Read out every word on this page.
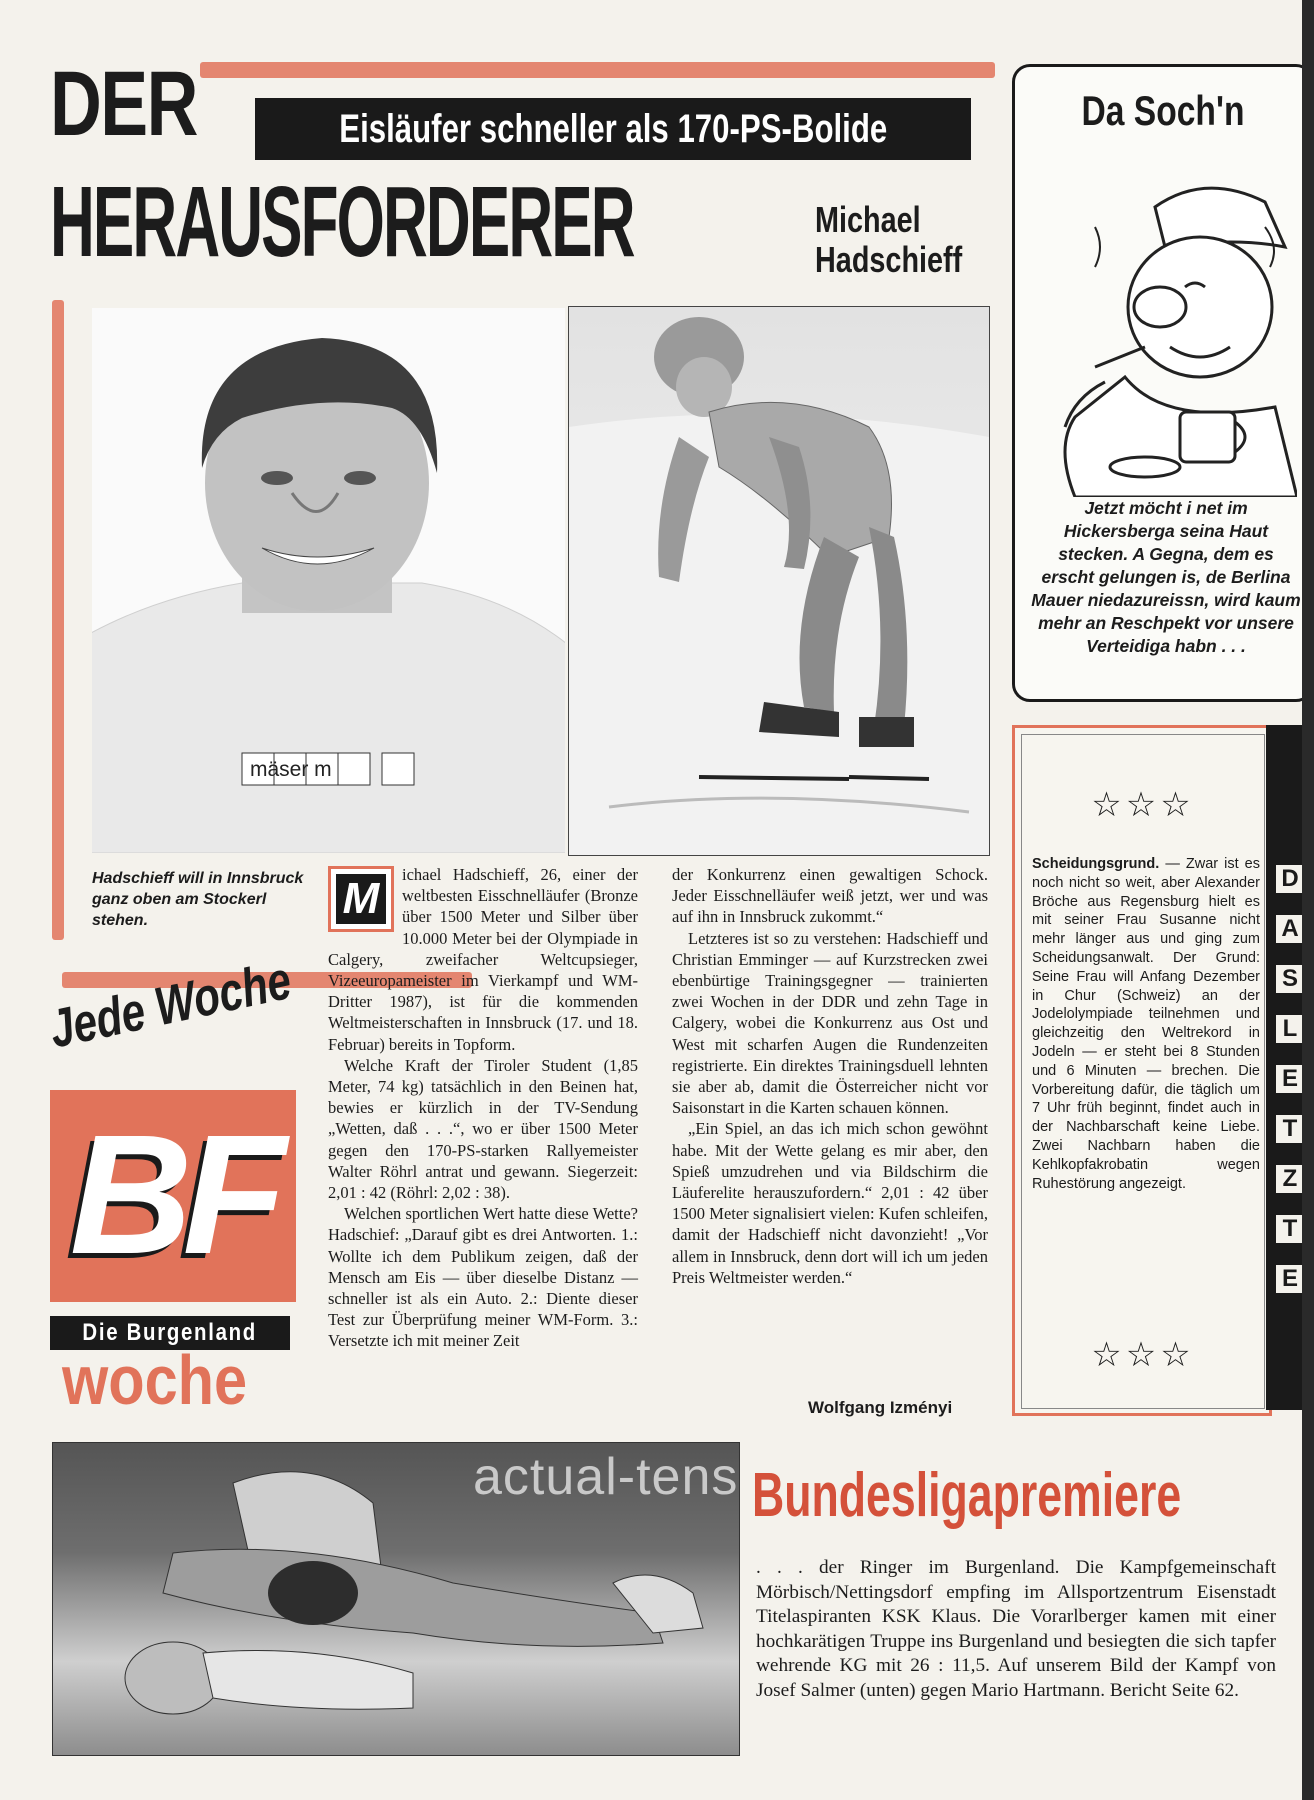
DER	Eisläufer schneller als 170-PS-Bolide
HERAUSFORDERER	Michael
Hadschieff
mäser m
Hadschieff will in Innsbruck ganz oben am Stockerl stehen.	M	ichael Hadschieff, 26, einer der weltbesten Eisschnelläufer (Bronze über 1500 Meter und Silber über 10.000 Meter bei der Olympiade in Calgery, zweifacher Weltcupsieger, Vizeeuropameister im Vierkampf und WM-Dritter 1987), ist für die kommenden Weltmeisterschaften in Innsbruck (17. und 18. Februar) bereits in Topform.

Welche Kraft der Tiroler Student (1,85 Meter, 74 kg) tatsächlich in den Beinen hat, bewies er kürzlich in der TV-Sendung „Wetten, daß . . .“, wo er über 1500 Meter gegen den 170-PS-starken Rallyemeister Walter Röhrl antrat und gewann. Siegerzeit: 2,01 : 42 (Röhrl: 2,02 : 38).

Welchen sportlichen Wert hatte diese Wette? Hadschief: „Darauf gibt es drei Antworten. 1.: Wollte ich dem Publikum zeigen, daß der Mensch am Eis — über dieselbe Distanz — schneller ist als ein Auto. 2.: Diente dieser Test zur Überprüfung meiner WM-Form. 3.: Versetzte ich mit meiner Zeit

der Konkurrenz einen gewaltigen Schock. Jeder Eisschnelläufer weiß jetzt, wer und was auf ihn in Innsbruck zukommt.“

Letzteres ist so zu verstehen: Hadschieff und Christian Emminger — auf Kurzstrecken zwei ebenbürtige Trainingsgegner — trainierten zwei Wochen in der DDR und zehn Tage in Calgery, wobei die Konkurrenz aus Ost und West mit scharfen Augen die Rundenzeiten registrierte. Ein direktes Trainingsduell lehnten sie aber ab, damit die Österreicher nicht vor Saisonstart in die Karten schauen können.

„Ein Spiel, an das ich mich schon gewöhnt habe. Mit der Wette gelang es mir aber, den Spieß umzudrehen und via Bildschirm die Läuferelite herauszufordern.“ 2,01 : 42 über 1500 Meter signalisiert vielen: Kufen schleifen, damit der Hadschieff nicht davonzieht! „Vor allem in Innsbruck, denn dort will ich um jeden Preis Weltmeister werden.“

Wolfgang Izményi
Da Soch'n
Jetzt möcht i net im Hickersberga seina Haut stecken. A Gegna, dem es erscht gelungen is, de Berlina Mauer niedazureissn, wird kaum mehr an Reschpekt vor unsere Verteidiga habn . . .
☆☆☆
Scheidungsgrund. — Zwar ist es noch nicht so weit, aber Alexander Bröche aus Regensburg hielt es mit seiner Frau Susanne nicht mehr länger aus und ging zum Scheidungsanwalt. Der Grund: Seine Frau will Anfang Dezember in Chur (Schweiz) an der Jodelolympiade teilnehmen und gleichzeitig den Weltrekord in Jodeln — er steht bei 8 Stunden und 6 Minuten — brechen. Die Vorbereitung dafür, die täglich um 7 Uhr früh beginnt, findet auch in der Nachbarschaft keine Liebe. Zwei Nachbarn haben die Kehlkopfakrobatin wegen Ruhestörung angezeigt.
☆☆☆
D
A
S
L
E
T
Z
T
E
Jede Woche
BF
Die Burgenland
woche
actual-tens Bundesligapremiere
. . . der Ringer im Burgenland. Die Kampfgemeinschaft Mörbisch/Nettingsdorf empfing im Allsportzentrum Eisenstadt Titelaspiranten KSK Klaus. Die Vorarlberger kamen mit einer hochkarätigen Truppe ins Burgenland und besiegten die sich tapfer wehrende KG mit 26 : 11,5. Auf unserem Bild der Kampf von Josef Salmer (unten) gegen Mario Hartmann. Bericht Seite 62.
